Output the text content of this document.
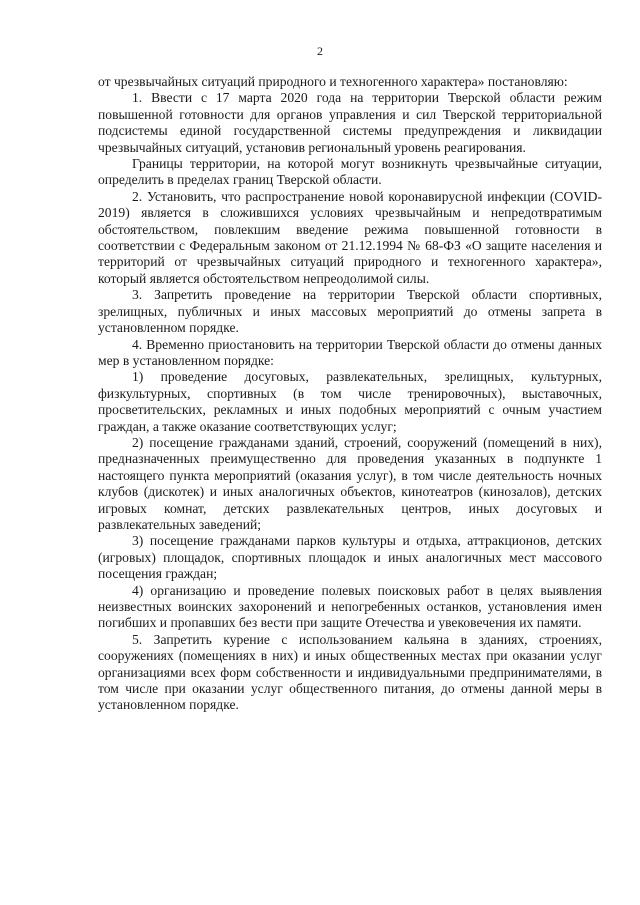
2

от чрезвычайных ситуаций природного и техногенного характера» постановляю:

1. Ввести с 17 марта 2020 года на территории Тверской области режим повышенной готовности для органов управления и сил Тверской территориальной подсистемы единой государственной системы предупреждения и ликвидации чрезвычайных ситуаций, установив региональный уровень реагирования.

Границы территории, на которой могут возникнуть чрезвычайные ситуации, определить в пределах границ Тверской области.

2. Установить, что распространение новой коронавирусной инфекции (COVID-2019) является в сложившихся условиях чрезвычайным и непредотвратимым обстоятельством, повлекшим введение режима повышенной готовности в соответствии с Федеральным законом от 21.12.1994 № 68-ФЗ «О защите населения и территорий от чрезвычайных ситуаций природного и техногенного характера», который является обстоятельством непреодолимой силы.

3. Запретить проведение на территории Тверской области спортивных, зрелищных, публичных и иных массовых мероприятий до отмены запрета в установленном порядке.

4. Временно приостановить на территории Тверской области до отмены данных мер в установленном порядке:

1) проведение досуговых, развлекательных, зрелищных, культурных, физкультурных, спортивных (в том числе тренировочных), выставочных, просветительских, рекламных и иных подобных мероприятий с очным участием граждан, а также оказание соответствующих услуг;

2) посещение гражданами зданий, строений, сооружений (помещений в них), предназначенных преимущественно для проведения указанных в подпункте 1 настоящего пункта мероприятий (оказания услуг), в том числе деятельность ночных клубов (дискотек) и иных аналогичных объектов, кинотеатров (кинозалов), детских игровых комнат, детских развлекательных центров, иных досуговых и развлекательных заведений;

3) посещение гражданами парков культуры и отдыха, аттракционов, детских (игровых) площадок, спортивных площадок и иных аналогичных мест массового посещения граждан;

4) организацию и проведение полевых поисковых работ в целях выявления неизвестных воинских захоронений и непогребенных останков, установления имен погибших и пропавших без вести при защите Отечества и увековечения их памяти.

5. Запретить курение с использованием кальяна в зданиях, строениях, сооружениях (помещениях в них) и иных общественных местах при оказании услуг организациями всех форм собственности и индивидуальными предпринимателями, в том числе при оказании услуг общественного питания, до отмены данной меры в установленном порядке.
